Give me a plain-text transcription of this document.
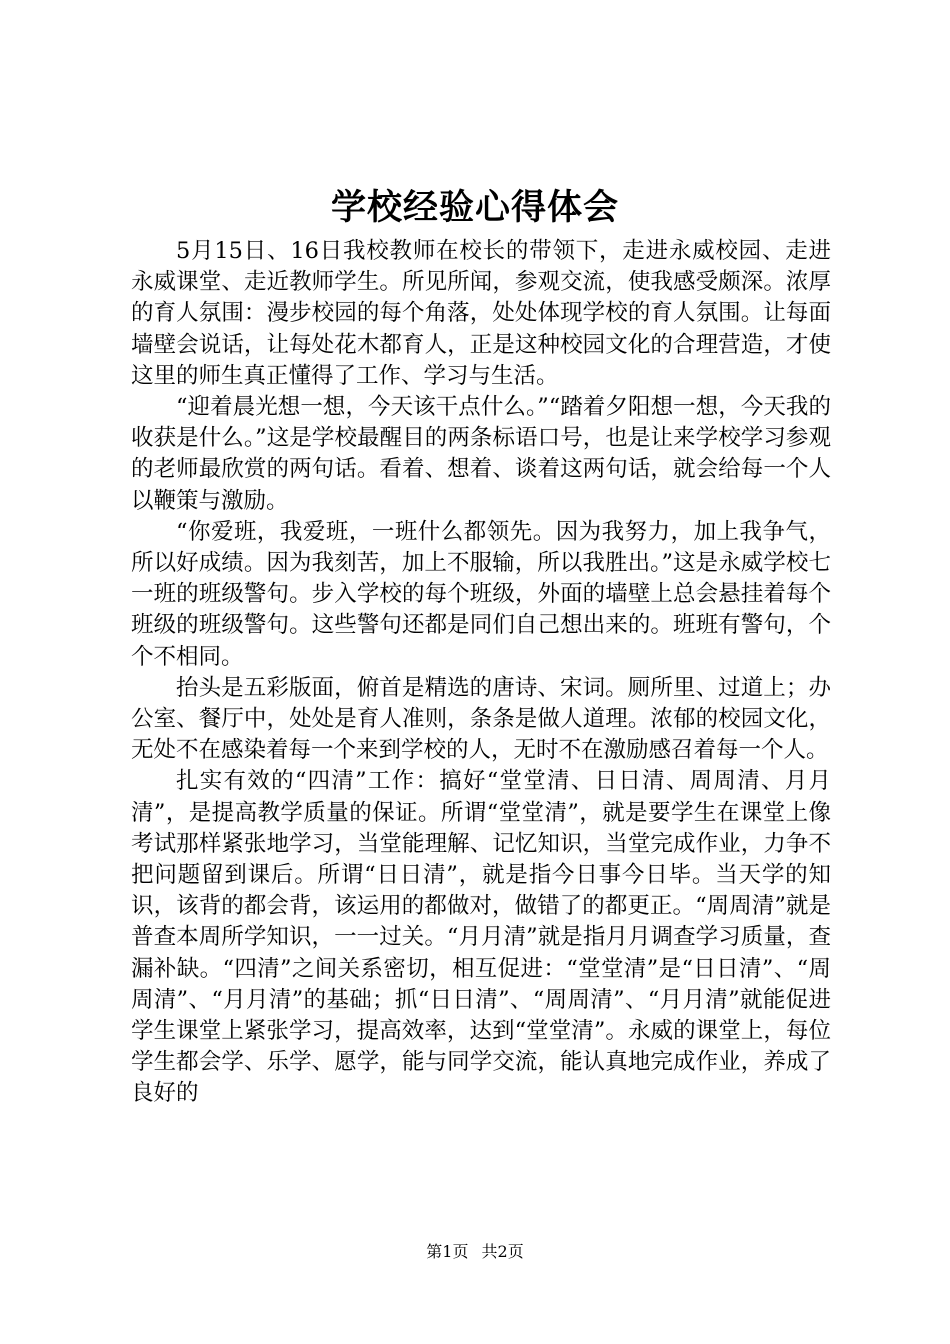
学校经验心得体会

5月15日、16日我校教师在校长的带领下，走进永威校园、走进永威课堂、走近教师学生。所见所闻，参观交流，使我感受颇深。浓厚的育人氛围：漫步校园的每个角落，处处体现学校的育人氛围。让每面墙壁会说话，让每处花木都育人，正是这种校园文化的合理营造，才使这里的师生真正懂得了工作、学习与生活。

“迎着晨光想一想，今天该干点什么。”“踏着夕阳想一想，今天我的收获是什么。”这是学校最醒目的两条标语口号，也是让来学校学习参观的老师最欣赏的两句话。看着、想着、谈着这两句话，就会给每一个人以鞭策与激励。

“你爱班，我爱班，一班什么都领先。因为我努力，加上我争气，所以好成绩。因为我刻苦，加上不服输，所以我胜出。”这是永威学校七一班的班级警句。步入学校的每个班级，外面的墙壁上总会悬挂着每个班级的班级警句。这些警句还都是同们自己想出来的。班班有警句，个个不相同。

抬头是五彩版面，俯首是精选的唐诗、宋词。厕所里、过道上；办公室、餐厅中，处处是育人准则，条条是做人道理。浓郁的校园文化，无处不在感染着每一个来到学校的人，无时不在激励感召着每一个人。

扎实有效的“四清”工作：搞好“堂堂清、日日清、周周清、月月清”，是提高教学质量的保证。所谓“堂堂清”，就是要学生在课堂上像考试那样紧张地学习，当堂能理解、记忆知识，当堂完成作业，力争不把问题留到课后。所谓“日日清”，就是指今日事今日毕。当天学的知识，该背的都会背，该运用的都做对，做错了的都更正。“周周清”就是普查本周所学知识，一一过关。“月月清”就是指月月调查学习质量，查漏补缺。“四清”之间关系密切，相互促进：“堂堂清”是“日日清”、“周周清”、“月月清”的基础；抓“日日清”、“周周清”、“月月清”就能促进学生课堂上紧张学习，提高效率，达到“堂堂清”。永威的课堂上，每位学生都会学、乐学、愿学，能与同学交流，能认真地完成作业，养成了良好的

第1页 共2页
